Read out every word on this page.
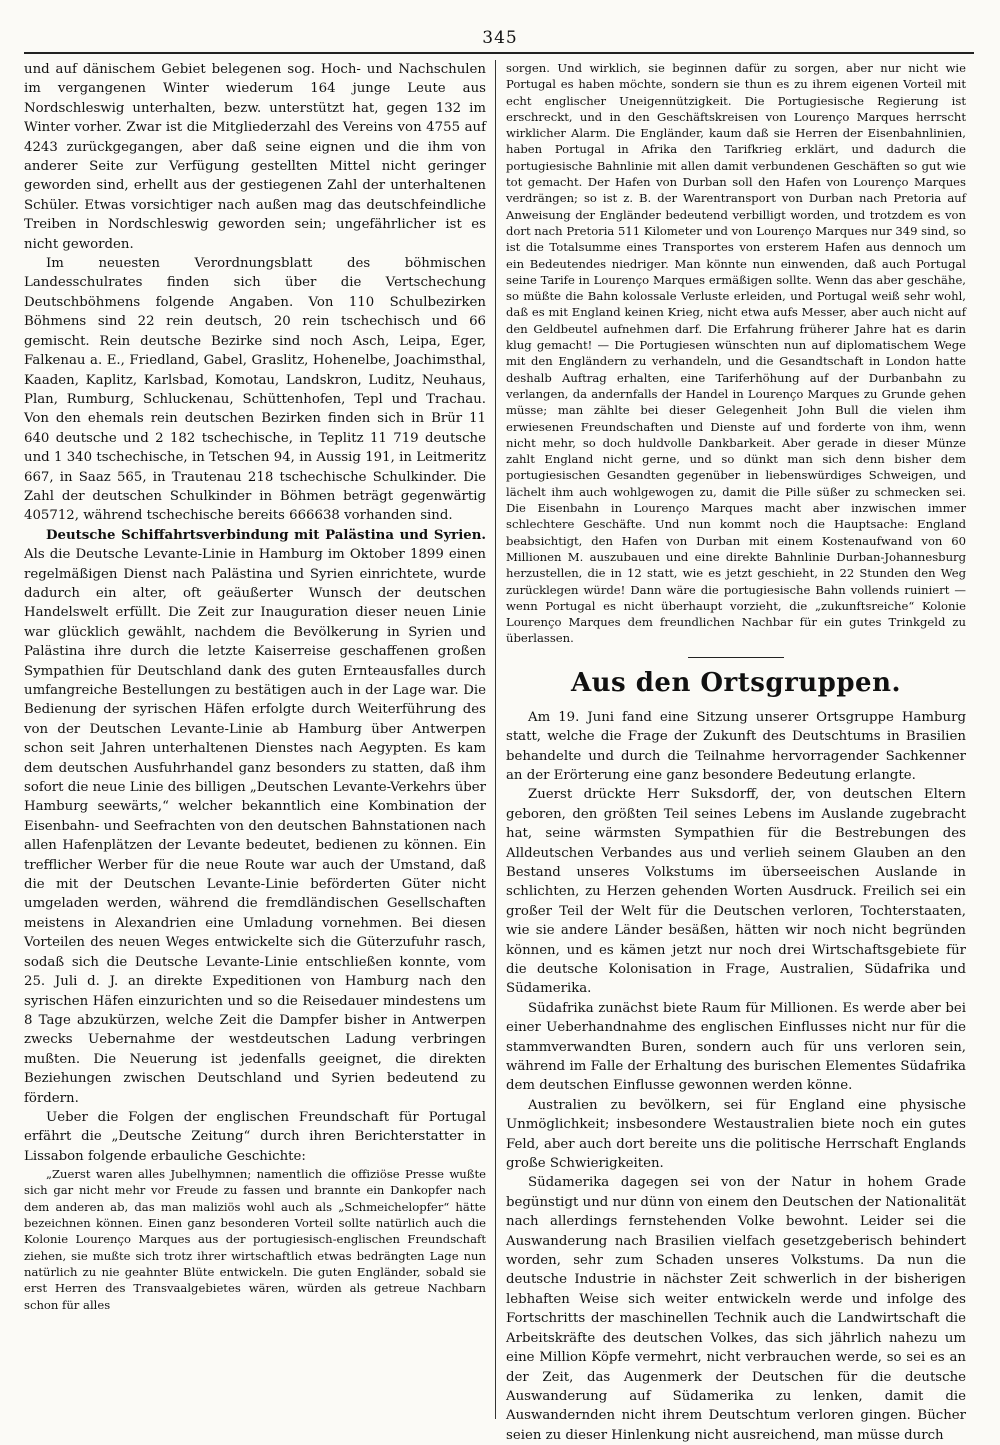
345

und auf dänischem Gebiet belegenen sog. Hoch- und Nachschulen im vergangenen Winter wiederum 164 junge Leute aus Nordschleswig unterhalten, bezw. unterstützt hat, gegen 132 im Winter vorher. Zwar ist die Mitgliederzahl des Vereins von 4755 auf 4243 zurückgegangen, aber daß seine eignen und die ihm von anderer Seite zur Verfügung gestellten Mittel nicht geringer geworden sind, erhellt aus der gestiegenen Zahl der unterhaltenen Schüler. Etwas vorsichtiger nach außen mag das deutschfeindliche Treiben in Nordschleswig geworden sein; ungefährlicher ist es nicht geworden.

Im neuesten Verordnungsblatt des böhmischen Landesschulrates finden sich über die Vertschechung Deutschböhmens folgende Angaben. Von 110 Schulbezirken Böhmens sind 22 rein deutsch, 20 rein tschechisch und 66 gemischt. Rein deutsche Bezirke sind noch Asch, Leipa, Eger, Falkenau a. E., Friedland, Gabel, Graslitz, Hohenelbe, Joachimsthal, Kaaden, Kaplitz, Karlsbad, Komotau, Landskron, Luditz, Neuhaus, Plan, Rumburg, Schluckenau, Schüttenhofen, Tepl und Trachau. Von den ehemals rein deutschen Bezirken finden sich in Brür 11 640 deutsche und 2 182 tschechische, in Teplitz 11 719 deutsche und 1 340 tschechische, in Tetschen 94, in Aussig 191, in Leitmeritz 667, in Saaz 565, in Trautenau 218 tschechische Schulkinder. Die Zahl der deutschen Schulkinder in Böhmen beträgt gegenwärtig 405712, während tschechische bereits 666638 vorhanden sind.

Deutsche Schiffahrtsverbindung mit Palästina und Syrien. Als die Deutsche Levante-Linie in Hamburg im Oktober 1899 einen regelmäßigen Dienst nach Palästina und Syrien einrichtete, wurde dadurch ein alter, oft geäußerter Wunsch der deutschen Handelswelt erfüllt. Die Zeit zur Inauguration dieser neuen Linie war glücklich gewählt, nachdem die Bevölkerung in Syrien und Palästina ihre durch die letzte Kaiserreise geschaffenen großen Sympathien für Deutschland dank des guten Ernteausfalles durch umfangreiche Bestellungen zu bestätigen auch in der Lage war. Die Bedienung der syrischen Häfen erfolgte durch Weiterführung des von der Deutschen Levante-Linie ab Hamburg über Antwerpen schon seit Jahren unterhaltenen Dienstes nach Aegypten. Es kam dem deutschen Ausfuhrhandel ganz besonders zu statten, daß ihm sofort die neue Linie des billigen „Deutschen Levante-Verkehrs über Hamburg seewärts,“ welcher bekanntlich eine Kombination der Eisenbahn- und Seefrachten von den deutschen Bahnstationen nach allen Hafenplätzen der Levante bedeutet, bedienen zu können. Ein trefflicher Werber für die neue Route war auch der Umstand, daß die mit der Deutschen Levante-Linie beförderten Güter nicht umgeladen werden, während die fremdländischen Gesellschaften meistens in Alexandrien eine Umladung vornehmen. Bei diesen Vorteilen des neuen Weges entwickelte sich die Güterzufuhr rasch, sodaß sich die Deutsche Levante-Linie entschließen konnte, vom 25. Juli d. J. an direkte Expeditionen von Hamburg nach den syrischen Häfen einzurichten und so die Reisedauer mindestens um 8 Tage abzukürzen, welche Zeit die Dampfer bisher in Antwerpen zwecks Uebernahme der westdeutschen Ladung verbringen mußten. Die Neuerung ist jedenfalls geeignet, die direkten Beziehungen zwischen Deutschland und Syrien bedeutend zu fördern.

Ueber die Folgen der englischen Freundschaft für Portugal erfährt die „Deutsche Zeitung“ durch ihren Berichterstatter in Lissabon folgende erbauliche Geschichte:

„Zuerst waren alles Jubelhymnen; namentlich die offiziöse Presse wußte sich gar nicht mehr vor Freude zu fassen und brannte ein Dankopfer nach dem anderen ab, das man maliziös wohl auch als „Schmeichelopfer“ hätte bezeichnen können. Einen ganz besonderen Vorteil sollte natürlich auch die Kolonie Lourenço Marques aus der portugiesisch-englischen Freundschaft ziehen, sie mußte sich trotz ihrer wirtschaftlich etwas bedrängten Lage nun natürlich zu nie geahnter Blüte entwickeln. Die guten Engländer, sobald sie erst Herren des Transvaalgebietes wären, würden als getreue Nachbarn schon für alles

sorgen. Und wirklich, sie beginnen dafür zu sorgen, aber nur nicht wie Portugal es haben möchte, sondern sie thun es zu ihrem eigenen Vorteil mit echt englischer Uneigennützigkeit. Die Portugiesische Regierung ist erschreckt, und in den Geschäftskreisen von Lourenço Marques herrscht wirklicher Alarm. Die Engländer, kaum daß sie Herren der Eisenbahnlinien, haben Portugal in Afrika den Tarifkrieg erklärt, und dadurch die portugiesische Bahnlinie mit allen damit verbundenen Geschäften so gut wie tot gemacht. Der Hafen von Durban soll den Hafen von Lourenço Marques verdrängen; so ist z. B. der Warentransport von Durban nach Pretoria auf Anweisung der Engländer bedeutend verbilligt worden, und trotzdem es von dort nach Pretoria 511 Kilometer und von Lourenço Marques nur 349 sind, so ist die Totalsumme eines Transportes von ersterem Hafen aus dennoch um ein Bedeutendes niedriger. Man könnte nun einwenden, daß auch Portugal seine Tarife in Lourenço Marques ermäßigen sollte. Wenn das aber geschähe, so müßte die Bahn kolossale Verluste erleiden, und Portugal weiß sehr wohl, daß es mit England keinen Krieg, nicht etwa aufs Messer, aber auch nicht auf den Geldbeutel aufnehmen darf. Die Erfahrung früherer Jahre hat es darin klug gemacht! — Die Portugiesen wünschten nun auf diplomatischem Wege mit den Engländern zu verhandeln, und die Gesandtschaft in London hatte deshalb Auftrag erhalten, eine Tariferhöhung auf der Durbanbahn zu verlangen, da andernfalls der Handel in Lourenço Marques zu Grunde gehen müsse; man zählte bei dieser Gelegenheit John Bull die vielen ihm erwiesenen Freundschaften und Dienste auf und forderte von ihm, wenn nicht mehr, so doch huldvolle Dankbarkeit. Aber gerade in dieser Münze zahlt England nicht gerne, und so dünkt man sich denn bisher dem portugiesischen Gesandten gegenüber in liebenswürdiges Schweigen, und lächelt ihm auch wohlgewogen zu, damit die Pille süßer zu schmecken sei. Die Eisenbahn in Lourenço Marques macht aber inzwischen immer schlechtere Geschäfte. Und nun kommt noch die Hauptsache: England beabsichtigt, den Hafen von Durban mit einem Kostenaufwand von 60 Millionen M. auszubauen und eine direkte Bahnlinie Durban-Johannesburg herzustellen, die in 12 statt, wie es jetzt geschieht, in 22 Stunden den Weg zurücklegen würde! Dann wäre die portugiesische Bahn vollends ruiniert — wenn Portugal es nicht überhaupt vorzieht, die „zukunftsreiche“ Kolonie Lourenço Marques dem freundlichen Nachbar für ein gutes Trinkgeld zu überlassen.

Aus den Ortsgruppen.

Am 19. Juni fand eine Sitzung unserer Ortsgruppe Hamburg statt, welche die Frage der Zukunft des Deutschtums in Brasilien behandelte und durch die Teilnahme hervorragender Sachkenner an der Erörterung eine ganz besondere Bedeutung erlangte.

Zuerst drückte Herr Suksdorff, der, von deutschen Eltern geboren, den größten Teil seines Lebens im Auslande zugebracht hat, seine wärmsten Sympathien für die Bestrebungen des Alldeutschen Verbandes aus und verlieh seinem Glauben an den Bestand unseres Volkstums im überseeischen Auslande in schlichten, zu Herzen gehenden Worten Ausdruck. Freilich sei ein großer Teil der Welt für die Deutschen verloren, Tochterstaaten, wie sie andere Länder besäßen, hätten wir noch nicht begründen können, und es kämen jetzt nur noch drei Wirtschaftsgebiete für die deutsche Kolonisation in Frage, Australien, Südafrika und Südamerika.

Südafrika zunächst biete Raum für Millionen. Es werde aber bei einer Ueberhandnahme des englischen Einflusses nicht nur für die stammverwandten Buren, sondern auch für uns verloren sein, während im Falle der Erhaltung des burischen Elementes Südafrika dem deutschen Einflusse gewonnen werden könne.

Australien zu bevölkern, sei für England eine physische Unmöglichkeit; insbesondere Westaustralien biete noch ein gutes Feld, aber auch dort bereite uns die politische Herrschaft Englands große Schwierigkeiten.

Südamerika dagegen sei von der Natur in hohem Grade begünstigt und nur dünn von einem den Deutschen der Nationalität nach allerdings fernstehenden Volke bewohnt. Leider sei die Auswanderung nach Brasilien vielfach gesetzgeberisch behindert worden, sehr zum Schaden unseres Volkstums. Da nun die deutsche Industrie in nächster Zeit schwerlich in der bisherigen lebhaften Weise sich weiter entwickeln werde und infolge des Fortschritts der maschinellen Technik auch die Landwirtschaft die Arbeitskräfte des deutschen Volkes, das sich jährlich nahezu um eine Million Köpfe vermehrt, nicht verbrauchen werde, so sei es an der Zeit, das Augenmerk der Deutschen für die deutsche Auswanderung auf Südamerika zu lenken, damit die Auswandernden nicht ihrem Deutschtum verloren gingen. Bücher seien zu dieser Hinlenkung nicht ausreichend, man müsse durch
